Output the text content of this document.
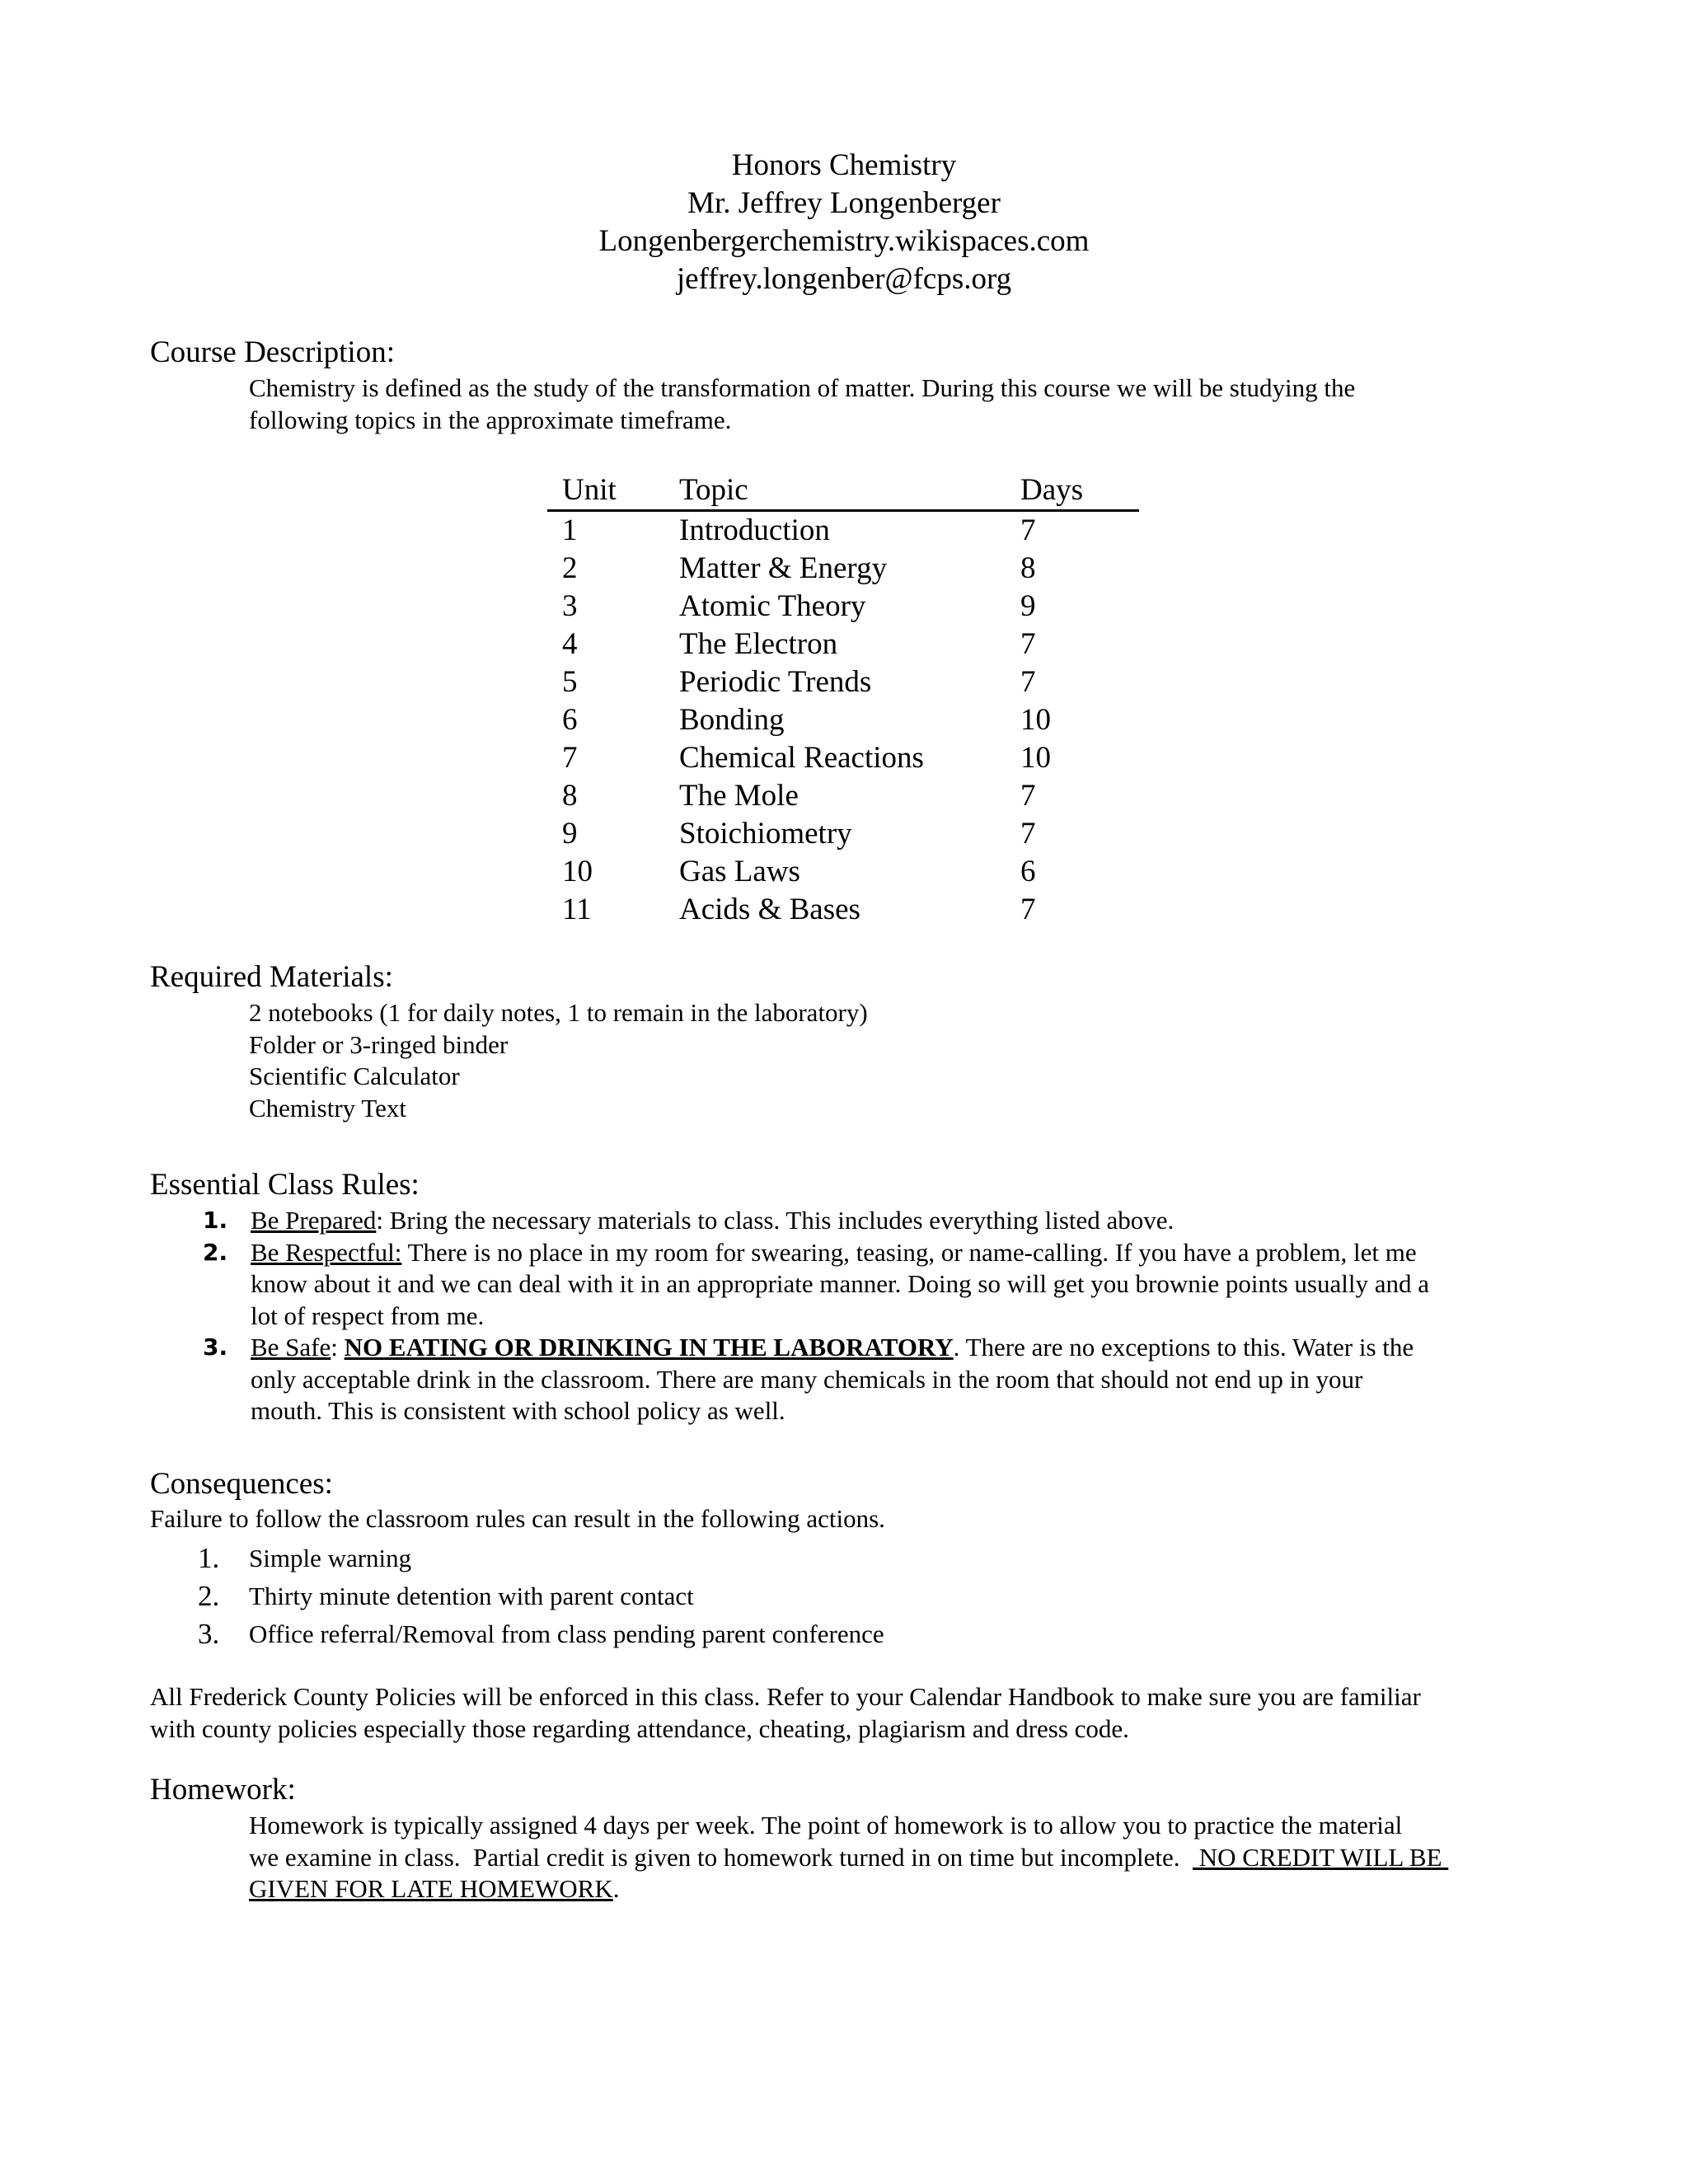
Honors Chemistry
Mr. Jeffrey Longenberger
Longenbergerchemistry.wikispaces.com
jeffrey.longenber@fcps.org
Course Description:
Chemistry is defined as the study of the transformation of matter. During this course we will be studying the
following topics in the approximate timeframe.
Unit Topic	Days
1	Introduction	7
2	Matter & Energy	8
3	Atomic Theory	9
4	The Electron	7
5	Periodic Trends	7
6	Bonding	10
7	Chemical Reactions	10
8	The Mole	7
9	Stoichiometry	7
10	Gas Laws	6
11	Acids & Bases	7
Required Materials:
2 notebooks (1 for daily notes, 1 to remain in the laboratory)
Folder or 3-ringed binder
Scientific Calculator
Chemistry Text
Essential Class Rules:
1. Be Prepared: Bring the necessary materials to class. This includes everything listed above.
2. Be Respectful: There is no place in my room for swearing, teasing, or name-calling. If you have a problem, let me
know about it and we can deal with it in an appropriate manner. Doing so will get you brownie points usually and a
lot of respect from me.
3. Be Safe: NO EATING OR DRINKING IN THE LABORATORY. There are no exceptions to this. Water is the
only acceptable drink in the classroom. There are many chemicals in the room that should not end up in your
mouth. This is consistent with school policy as well.
Consequences:
Failure to follow the classroom rules can result in the following actions.
1. Simple warning
2. Thirty minute detention with parent contact
3. Office referral/Removal from class pending parent conference
All Frederick County Policies will be enforced in this class. Refer to your Calendar Handbook to make sure you are familiar
with county policies especially those regarding attendance, cheating, plagiarism and dress code.
Homework:
Homework is typically assigned 4 days per week. The point of homework is to allow you to practice the material
we examine in class.  Partial credit is given to homework turned in on time but incomplete.   NO CREDIT WILL BE
GIVEN FOR LATE HOMEWORK.
